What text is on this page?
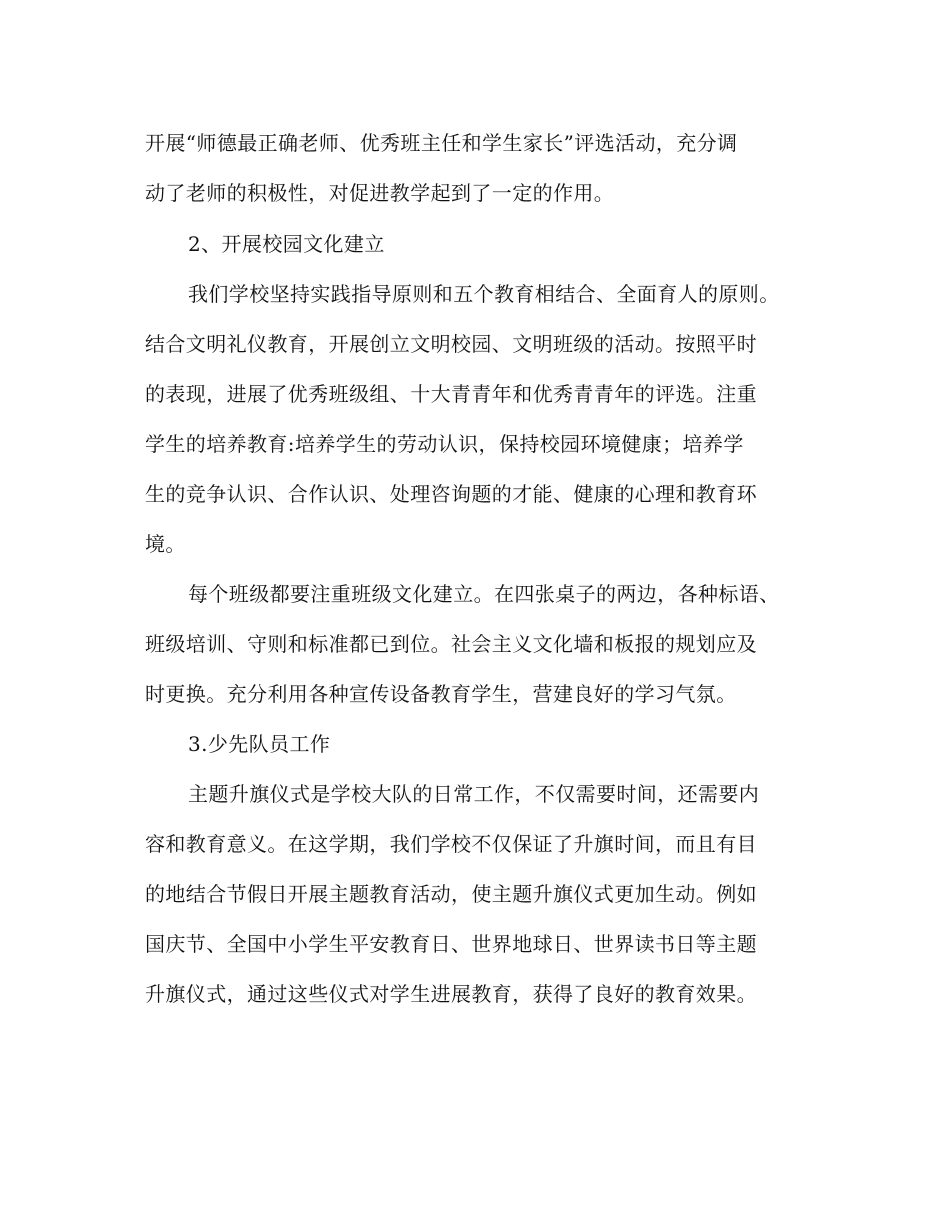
开展“师德最正确老师、优秀班主任和学生家长”评选活动，充分调
动了老师的积极性，对促进教学起到了一定的作用。
2、开展校园文化建立
我们学校坚持实践指导原则和五个教育相结合、全面育人的原则。
结合文明礼仪教育，开展创立文明校园、文明班级的活动。按照平时
的表现，进展了优秀班级组、十大青青年和优秀青青年的评选。注重
学生的培养教育:培养学生的劳动认识，保持校园环境健康；培养学
生的竞争认识、合作认识、处理咨询题的才能、健康的心理和教育环
境。
每个班级都要注重班级文化建立。在四张桌子的两边，各种标语、
班级培训、守则和标准都已到位。社会主义文化墙和板报的规划应及
时更换。充分利用各种宣传设备教育学生，营建良好的学习气氛。
3.少先队员工作
主题升旗仪式是学校大队的日常工作，不仅需要时间，还需要内
容和教育意义。在这学期，我们学校不仅保证了升旗时间，而且有目
的地结合节假日开展主题教育活动，使主题升旗仪式更加生动。例如
国庆节、全国中小学生平安教育日、世界地球日、世界读书日等主题
升旗仪式，通过这些仪式对学生进展教育，获得了良好的教育效果。
